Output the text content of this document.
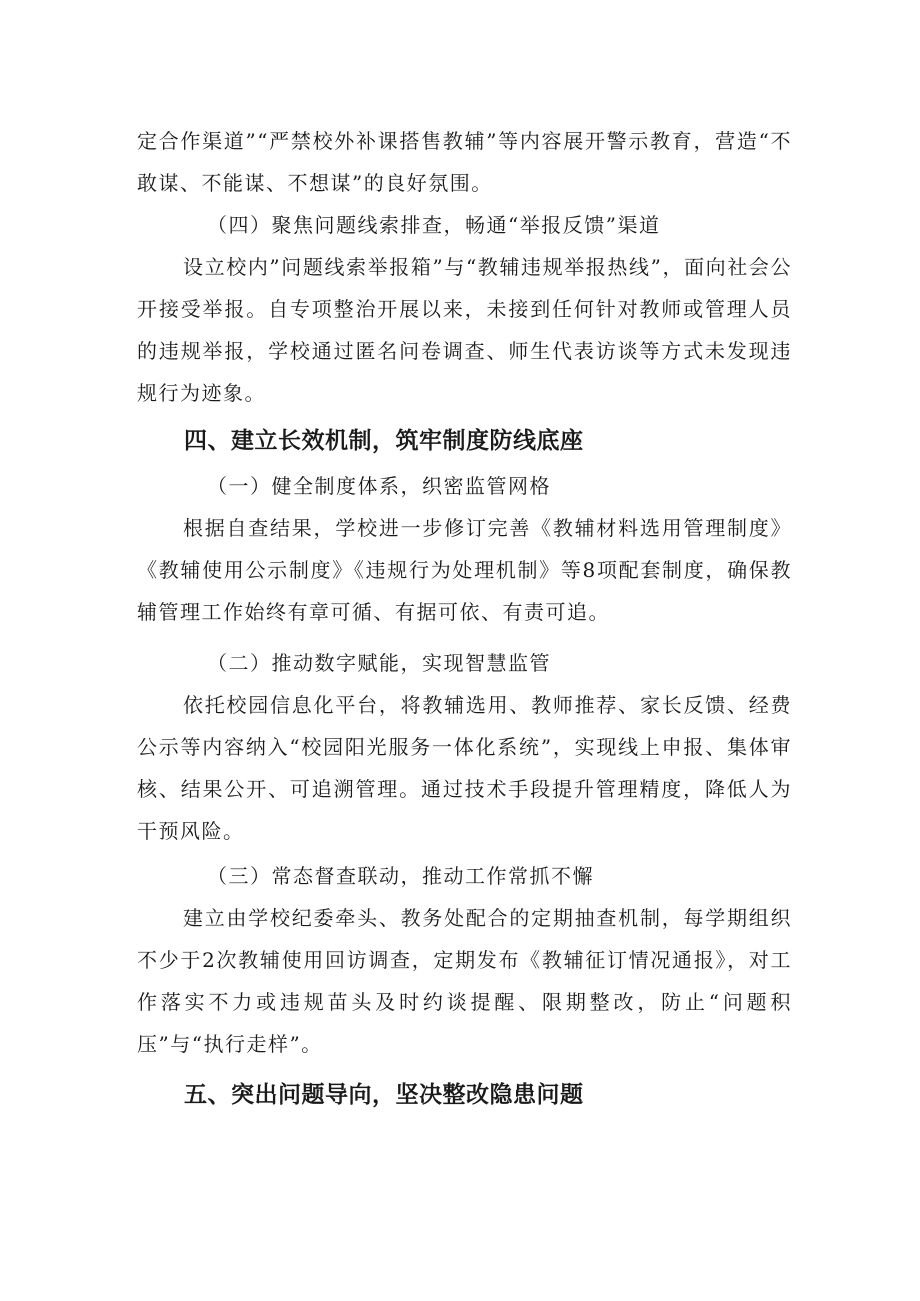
定合作渠道”“严禁校外补课搭售教辅”等内容展开警示教育，营造“不敢谋、不能谋、不想谋”的良好氛围。

（四）聚焦问题线索排查，畅通“举报反馈”渠道

设立校内”问题线索举报箱”与“教辅违规举报热线”，面向社会公开接受举报。自专项整治开展以来，未接到任何针对教师或管理人员的违规举报，学校通过匿名问卷调查、师生代表访谈等方式未发现违规行为迹象。

四、建立长效机制，筑牢制度防线底座

（一）健全制度体系，织密监管网格

根据自查结果，学校进一步修订完善《教辅材料选用管理制度》《教辅使用公示制度》《违规行为处理机制》等8项配套制度，确保教辅管理工作始终有章可循、有据可依、有责可追。

（二）推动数字赋能，实现智慧监管

依托校园信息化平台，将教辅选用、教师推荐、家长反馈、经费公示等内容纳入“校园阳光服务一体化系统”，实现线上申报、集体审核、结果公开、可追溯管理。通过技术手段提升管理精度，降低人为干预风险。

（三）常态督查联动，推动工作常抓不懈

建立由学校纪委牵头、教务处配合的定期抽查机制，每学期组织不少于2次教辅使用回访调查，定期发布《教辅征订情况通报》，对工作落实不力或违规苗头及时约谈提醒、限期整改，防止“问题积压”与“执行走样”。

五、突出问题导向，坚决整改隐患问题
